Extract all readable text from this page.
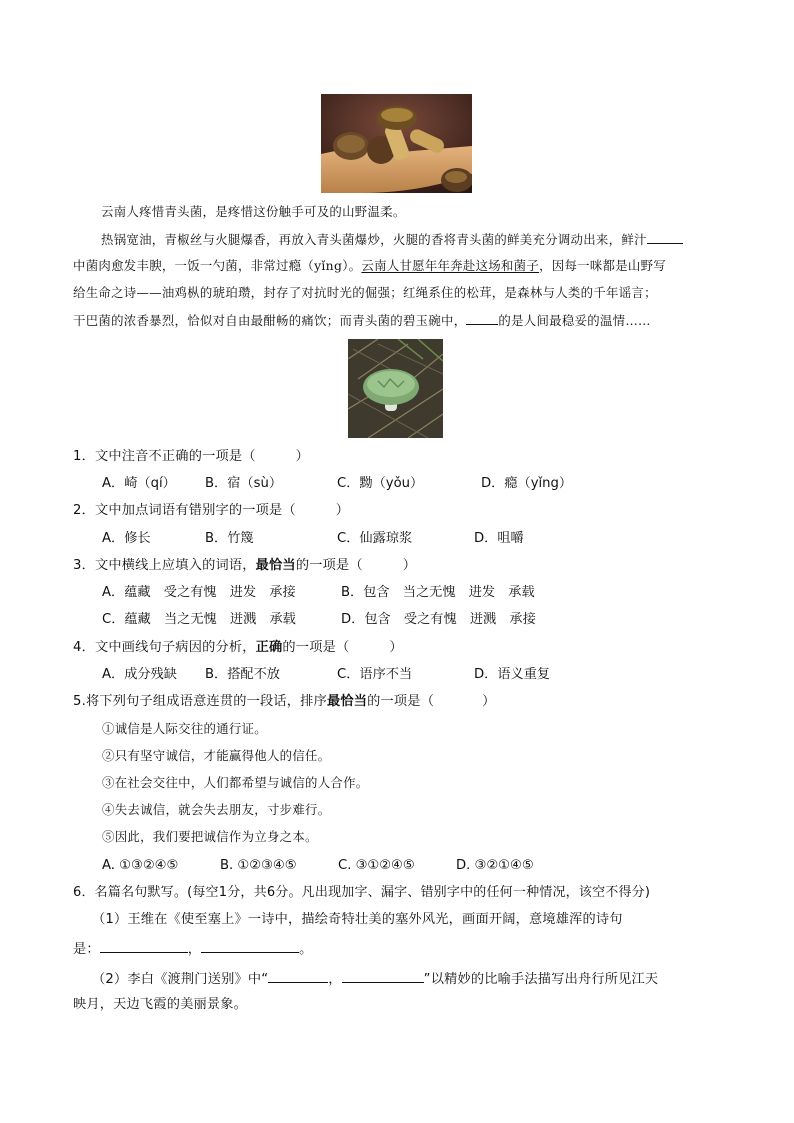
云南人疼惜青头菌，是疼惜这份触手可及的山野温柔。
热锅宽油，青椒丝与火腿爆香，再放入青头菌爆炒，火腿的香将青头菌的鲜美充分调动出来，鲜汁
中菌肉愈发丰腴，一饭一勺菌，非常过瘾（yǐng）。云南人甘愿年年奔赴这场和菌子，因每一咪都是山野写
给生命之诗——油鸡枞的琥珀瓒，封存了对抗时光的倔强；红绳系住的松茸，是森林与人类的千年谣言；
干巴菌的浓香暴烈，恰似对自由最酣畅的痛饮；而青头菌的碧玉碗中，	的是人间最稳妥的温情……
1．文中注音不正确的一项是（	）
A．崎（qí） B．宿（sù）	C．黝（yǒu）	D．瘾（yǐng）
2．文中加点词语有错别字的一项是（	）
A．修长	B．竹篾	C．仙露琼浆	D．咀嚼
3．文中横线上应填入的词语，最恰当的一项是（	）
A．蕴藏　受之有愧　进发　承接	B．包含　当之无愧　进发　承载
C．蕴藏　当之无愧　迸溅　承载	D．包含　受之有愧　迸溅　承接
4．文中画线句子病因的分析，正确的一项是（	）
A．成分残缺 B．搭配不放	C．语序不当	D．语义重复
5.将下列句子组成语意连贯的一段话，排序最恰当的一项是（	）
①诚信是人际交往的通行证。
②只有坚守诚信，才能赢得他人的信任。
③在社会交往中，人们都希望与诚信的人合作。
④失去诚信，就会失去朋友，寸步难行。
⑤因此，我们要把诚信作为立身之本。
A. ①③②④⑤	B. ①②③④⑤	C. ③①②④⑤	D. ③②①④⑤
6．名篇名句默写。(每空1分，共6分。凡出现加字、漏字、错别字中的任何一种情况，该空不得分)
（1）王维在《使至塞上》一诗中，描绘奇特壮美的塞外风光，画面开阔，意境雄浑的诗句
是：	，	。
（2）李白《渡荆门送别》中“	，	”以精妙的比喻手法描写出舟行所见江天
映月，天边飞霞的美丽景象。
